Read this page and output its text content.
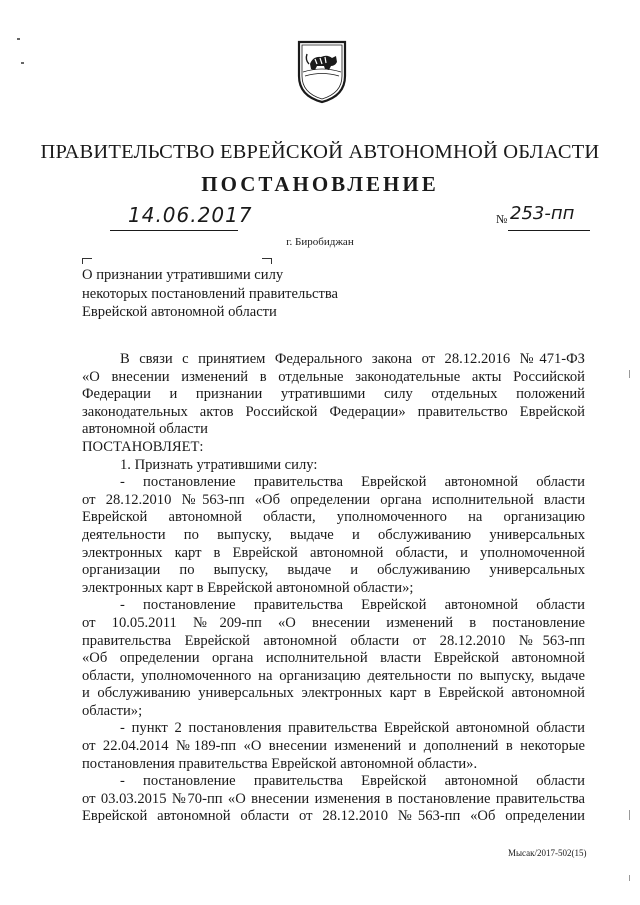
ПРАВИТЕЛЬСТВО ЕВРЕЙСКОЙ АВТОНОМНОЙ ОБЛАСТИ
ПОСТАНОВЛЕНИЕ
14.06.2017	№ 253-пп
г. Биробиджан
О признании утратившими силу
некоторых постановлений правительства
Еврейской автономной области
В связи с принятием Федерального закона от 28.12.2016 №471-ФЗ
«О внесении изменений в отдельные законодательные акты Российской
Федерации и признании утратившими силу отдельных положений
законодательных актов Российской Федерации» правительство Еврейской
автономной области
ПОСТАНОВЛЯЕТ:
1. Признать утратившими силу:
- постановление правительства Еврейской автономной области
от 28.12.2010 №563-пп «Об определении органа исполнительной власти
Еврейской автономной области, уполномоченного на организацию
деятельности по выпуску, выдаче и обслуживанию универсальных
электронных карт в Еврейской автономной области, и уполномоченной
организации по выпуску, выдаче и обслуживанию универсальных
электронных карт в Еврейской автономной области»;
- постановление правительства Еврейской автономной области
от 10.05.2011 №209-пп «О внесении изменений в постановление
правительства Еврейской автономной области от 28.12.2010 №563-пп
«Об определении органа исполнительной власти Еврейской автономной
области, уполномоченного на организацию деятельности по выпуску, выдаче
и обслуживанию универсальных электронных карт в Еврейской автономной
области»;
- пункт 2 постановления правительства Еврейской автономной области
от 22.04.2014 №189-пп «О внесении изменений и дополнений в некоторые
постановления правительства Еврейской автономной области».
- постановление правительства Еврейской автономной области
от 03.03.2015 №70-пп «О внесении изменения в постановление правительства
Еврейской автономной области от 28.12.2010 №563-пп «Об определении
Мысак/2017-502(15)
